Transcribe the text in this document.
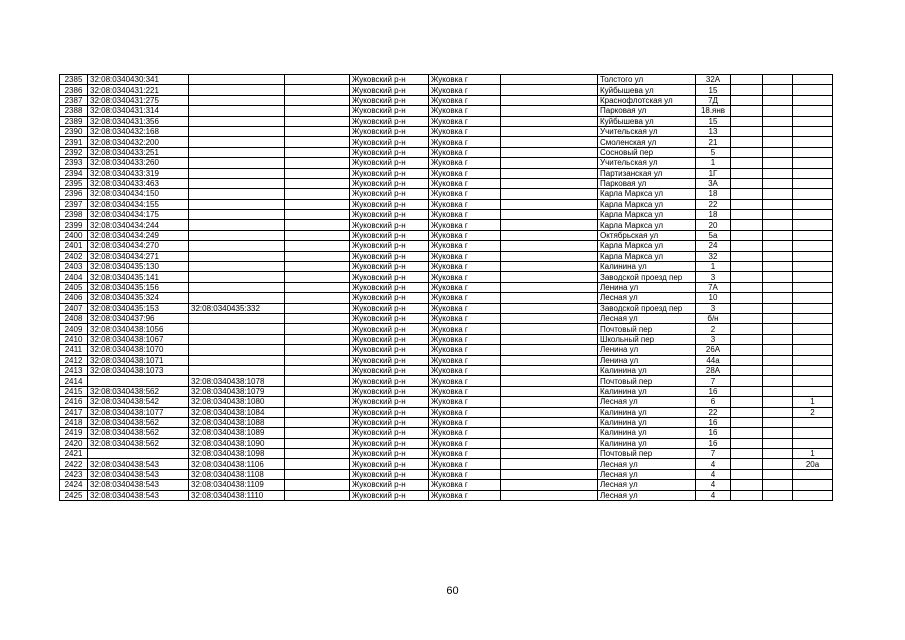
2385	32:08:0340430:341			Жуковский р-н	Жуковка г		Толстого ул	32А			
2386	32:08:0340431:221			Жуковский р-н	Жуковка г		Куйбышева ул	15			
2387	32:08:0340431:275			Жуковский р-н	Жуковка г		Краснофлотская ул	7Д			
2388	32:08:0340431:314			Жуковский р-н	Жуковка г		Парковая ул	18.янв			
2389	32:08:0340431:356			Жуковский р-н	Жуковка г		Куйбышева ул	15			
2390	32:08:0340432:168			Жуковский р-н	Жуковка г		Учительская ул	13			
2391	32:08:0340432:200			Жуковский р-н	Жуковка г		Смоленская ул	21			
2392	32:08:0340433:251			Жуковский р-н	Жуковка г		Сосновый пер	5			
2393	32:08:0340433:260			Жуковский р-н	Жуковка г		Учительская ул	1			
2394	32:08:0340433:319			Жуковский р-н	Жуковка г		Партизанская ул	1Г			
2395	32:08:0340433:463			Жуковский р-н	Жуковка г		Парковая ул	3А			
2396	32:08:0340434:150			Жуковский р-н	Жуковка г		Карла Маркса ул	18			
2397	32:08:0340434:155			Жуковский р-н	Жуковка г		Карла Маркса ул	22			
2398	32:08:0340434:175			Жуковский р-н	Жуковка г		Карла Маркса ул	18			
2399	32:08:0340434:244			Жуковский р-н	Жуковка г		Карла Маркса ул	20			
2400	32:08:0340434:249			Жуковский р-н	Жуковка г		Октябрьская ул	5а			
2401	32:08:0340434:270			Жуковский р-н	Жуковка г		Карла Маркса ул	24			
2402	32:08:0340434:271			Жуковский р-н	Жуковка г		Карла Маркса ул	32			
2403	32:08:0340435:130			Жуковский р-н	Жуковка г		Калинина ул	1			
2404	32:08:0340435:141			Жуковский р-н	Жуковка г		Заводской проезд пер	3			
2405	32:08:0340435:156			Жуковский р-н	Жуковка г		Ленина ул	7А			
2406	32:08:0340435:324			Жуковский р-н	Жуковка г		Лесная ул	10			
2407	32:08:0340435:153	32:08:0340435:332		Жуковский р-н	Жуковка г		Заводской проезд пер	3			
2408	32:08:0340437:96			Жуковский р-н	Жуковка г		Лесная ул	б/н			
2409	32:08:0340438:1056			Жуковский р-н	Жуковка г		Почтовый пер	2			
2410	32:08:0340438:1067			Жуковский р-н	Жуковка г		Школьный пер	3			
2411	32:08:0340438:1070			Жуковский р-н	Жуковка г		Ленина ул	26А			
2412	32:08:0340438:1071			Жуковский р-н	Жуковка г		Ленина ул	44а			
2413	32:08:0340438:1073			Жуковский р-н	Жуковка г		Калинина ул	28А			
2414		32:08:0340438:1078		Жуковский р-н	Жуковка г		Почтовый пер	7			
2415	32:08:0340438:562	32:08:0340438:1079		Жуковский р-н	Жуковка г		Калинина ул	16			
2416	32:08:0340438:542	32:08:0340438:1080		Жуковский р-н	Жуковка г		Лесная ул	6			1
2417	32:08:0340438:1077	32:08:0340438:1084		Жуковский р-н	Жуковка г		Калинина ул	22			2
2418	32:08:0340438:562	32:08:0340438:1088		Жуковский р-н	Жуковка г		Калинина ул	16			
2419	32:08:0340438:562	32:08:0340438:1089		Жуковский р-н	Жуковка г		Калинина ул	16			
2420	32:08:0340438:562	32:08:0340438:1090		Жуковский р-н	Жуковка г		Калинина ул	16			
2421		32:08:0340438:1098		Жуковский р-н	Жуковка г		Почтовый пер	7			1
2422	32:08:0340438:543	32:08:0340438:1106		Жуковский р-н	Жуковка г		Лесная ул	4			20а
2423	32:08:0340438:543	32:08:0340438:1108		Жуковский р-н	Жуковка г		Лесная ул	4			
2424	32:08:0340438:543	32:08:0340438:1109		Жуковский р-н	Жуковка г		Лесная ул	4			
2425	32:08:0340438:543	32:08:0340438:1110		Жуковский р-н	Жуковка г		Лесная ул	4			
60
